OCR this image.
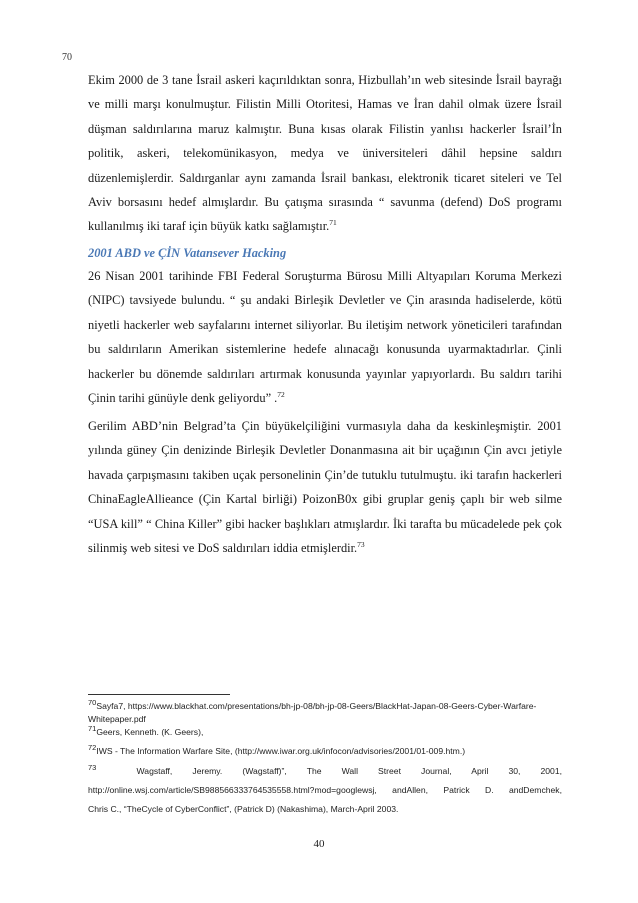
70

Ekim 2000 de 3 tane İsrail askeri kaçırıldıktan sonra, Hizbullah’ın web sitesinde İsrail bayrağı ve milli marşı konulmuştur. Filistin Milli Otoritesi, Hamas ve İran dahil olmak üzere İsrail düşman saldırılarına maruz kalmıştır. Buna kısas olarak Filistin yanlısı hackerler İsrail’İn politik, askeri, telekomünikasyon, medya ve üniversiteleri dâhil hepsine saldırı düzenlemişlerdir. Saldırganlar aynı zamanda İsrail bankası, elektronik ticaret siteleri ve Tel Aviv borsasını hedef almışlardır. Bu çatışma sırasında “ savunma (defend) DoS programı kullanılmış iki taraf için büyük katkı sağlamıştır.$^{71}$

2001 ABD ve ÇİN Vatansever Hacking

26 Nisan 2001 tarihinde FBI Federal Soruşturma Bürosu Milli Altyapıları Koruma Merkezi (NIPC) tavsiyede bulundu. “ şu andaki Birleşik Devletler ve Çin arasında hadiselerde, kötü niyetli hackerler web sayfalarını internet siliyorlar. Bu iletişim network yöneticileri tarafından bu saldırıların Amerikan sistemlerine hedefe alınacağı konusunda uyarmaktadırlar. Çinli hackerler bu dönemde saldırıları artırmak konusunda yayınlar yapıyorlardı. Bu saldırı tarihi Çinin tarihi günüyle denk geliyordu” .$^{72}$

Gerilim ABD’nin Belgrad’ta Çin büyükelçiliğini vurmasıyla daha da keskinleşmiştir. 2001 yılında güney Çin denizinde Birleşik Devletler Donanmasına ait bir uçağının Çin avcı jetiyle havada çarpışmasını takiben uçak personelinin Çin’de tutuklu tutulmuştu. iki tarafın hackerleri ChinaEagleAllieance (Çin Kartal birliği) PoizonB0x gibi gruplar geniş çaplı bir web silme “USA kill” “ China Killer” gibi hacker başlıkları atmışlardır. İki tarafta bu mücadelede pek çok silinmiş web sitesi ve DoS saldırıları iddia etmişlerdir.$^{73}$

$^{70}$Sayfa7, https://www.blackhat.com/presentations/bh-jp-08/bh-jp-08-Geers/BlackHat-Japan-08-Geers-Cyber-Warfare-Whitepaper.pdf

$^{71}$Geers, Kenneth. (K. Geers),

$^{72}$IWS - The Information Warfare Site, (http://www.iwar.org.uk/infocon/advisories/2001/01-009.htm.)

$^{73}$	Wagstaff, Jeremy. (Wagstaff)”, The Wall Street Journal, April 30, 2001,

http://online.wsj.com/article/SB988566333764535558.html?mod=googlewsj, andAllen, Patrick D. andDemchek,

Chris C., “TheCycle of CyberConflict”, (Patrick D) (Nakashima), March-April 2003.

40
